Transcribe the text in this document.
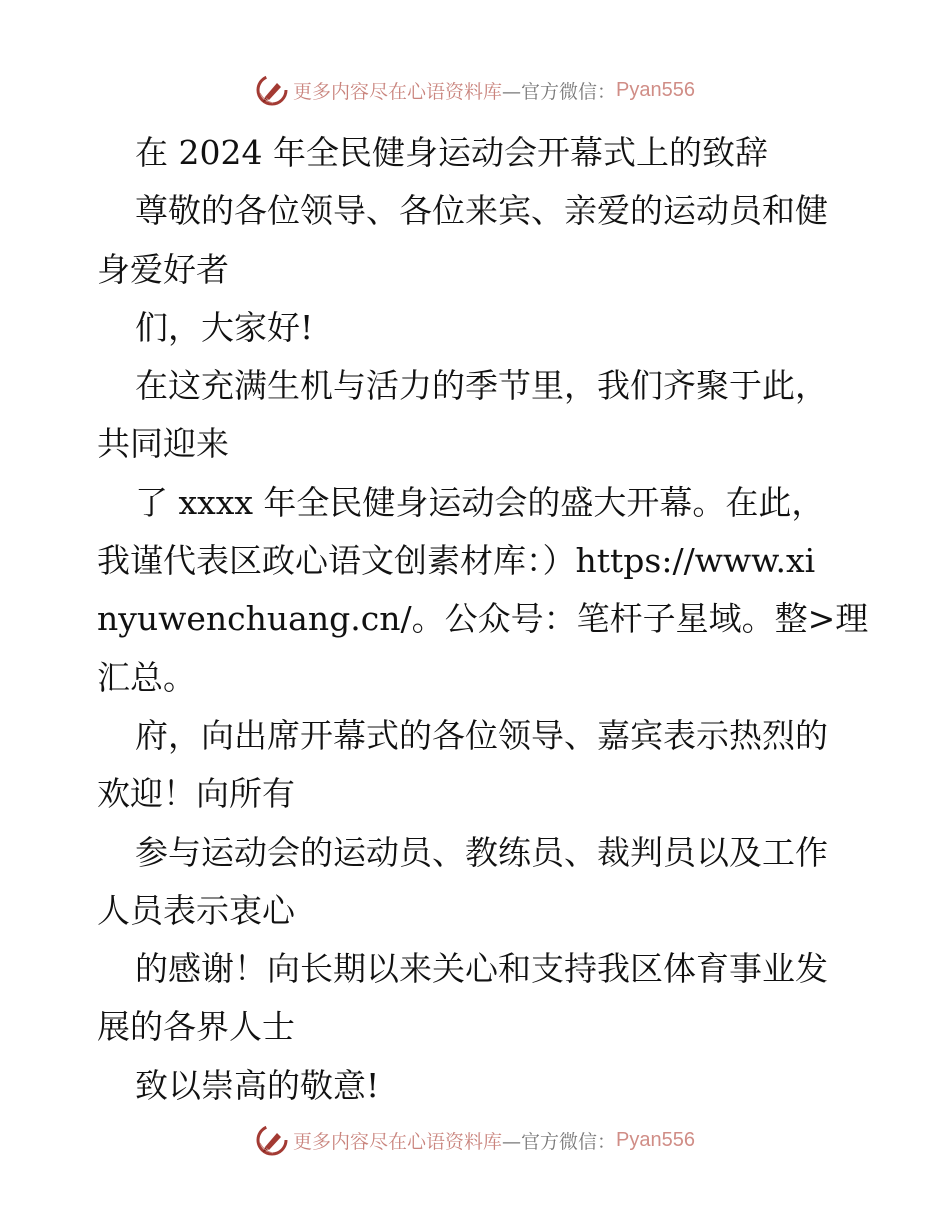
更多内容尽在心语资料库 —官方微信： Pyan556
在 2024 年全民健身运动会开幕式上的致辞
尊敬的各位领导、各位来宾、亲爱的运动员和健
身爱好者
们，大家好!
在这充满生机与活力的季节里，我们齐聚于此，
共同迎来
了 xxxx 年全民健身运动会的盛大开幕。在此，
我谨代表区政心语文创素材库：）https://www.xi
nyuwenchuang.cn/。公众号：笔杆子星域。整>理
汇总。
府，向出席开幕式的各位领导、嘉宾表示热烈的
欢迎！向所有
参与运动会的运动员、教练员、裁判员以及工作
人员表示衷心
的感谢！向长期以来关心和支持我区体育事业发
展的各界人士
致以崇高的敬意!
更多内容尽在心语资料库 —官方微信： Pyan556
